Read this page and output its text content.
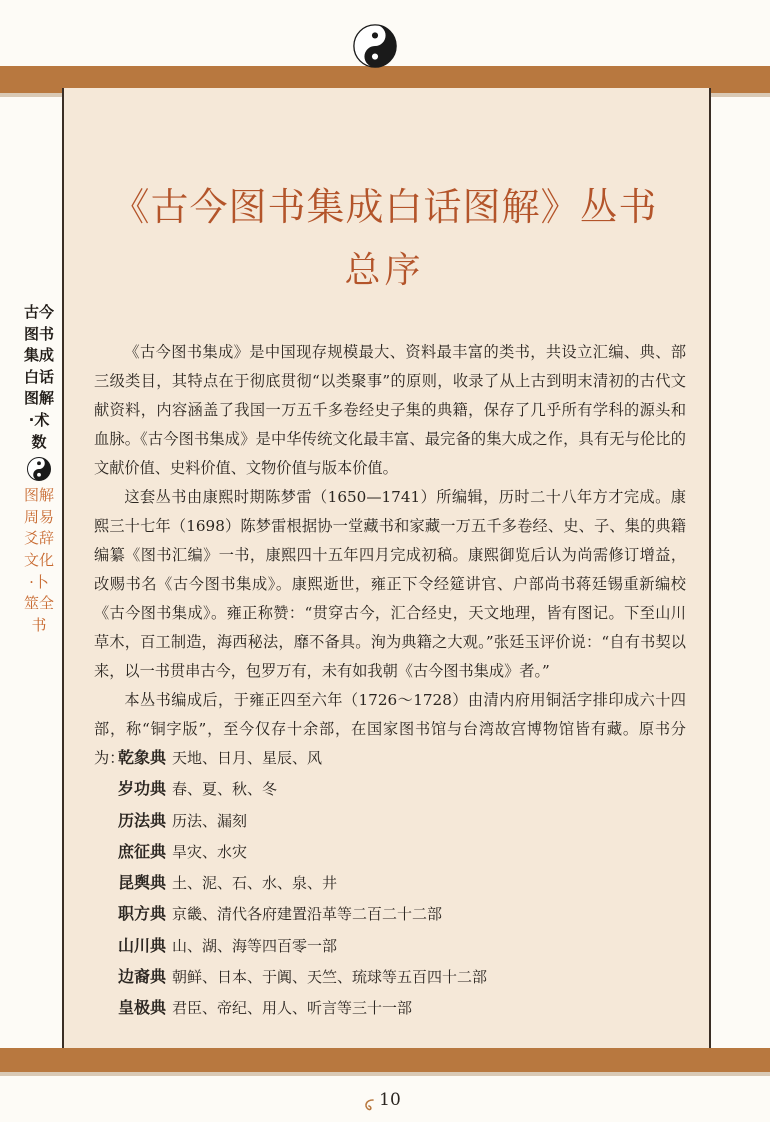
《古今图书集成白话图解》丛书
总序

《古今图书集成》是中国现存规模最大、资料最丰富的类书，共设立汇编、典、部三级类目，其特点在于彻底贯彻“以类聚事”的原则，收录了从上古到明末清初的古代文献资料，内容涵盖了我国一万五千多卷经史子集的典籍，保存了几乎所有学科的源头和血脉。《古今图书集成》是中华传统文化最丰富、最完备的集大成之作，具有无与伦比的文献价值、史料价值、文物价值与版本价值。

这套丛书由康熙时期陈梦雷（1650—1741）所编辑，历时二十八年方才完成。康熙三十七年（1698）陈梦雷根据协一堂藏书和家藏一万五千多卷经、史、子、集的典籍编纂《图书汇编》一书，康熙四十五年四月完成初稿。康熙御览后认为尚需修订增益，改赐书名《古今图书集成》。康熙逝世，雍正下令经筵讲官、户部尚书蒋廷锡重新编校《古今图书集成》。雍正称赞：“贯穿古今，汇合经史，天文地理，皆有图记。下至山川草木，百工制造，海西秘法，靡不备具。洵为典籍之大观。”张廷玉评价说：“自有书契以来，以一书贯串古今，包罗万有，未有如我朝《古今图书集成》者。”

本丛书编成后，于雍正四至六年（1726～1728）由清内府用铜活字排印成六十四部，称“铜字版”，至今仅存十余部，在国家图书馆与台湾故宫博物馆皆有藏。原书分为：

乾象典 天地、日月、星辰、风
岁功典 春、夏、秋、冬
历法典 历法、漏刻
庶征典 旱灾、水灾
昆舆典 土、泥、石、水、泉、井
职方典 京畿、清代各府建置沿革等二百二十二部
山川典 山、湖、海等四百零一部
边裔典 朝鲜、日本、于阗、天竺、琉球等五百四十二部
皇极典 君臣、帝纪、用人、听言等三十一部
古今图书集成白话图解·术数
图解周易爻辞文化·卜筮全书
10
